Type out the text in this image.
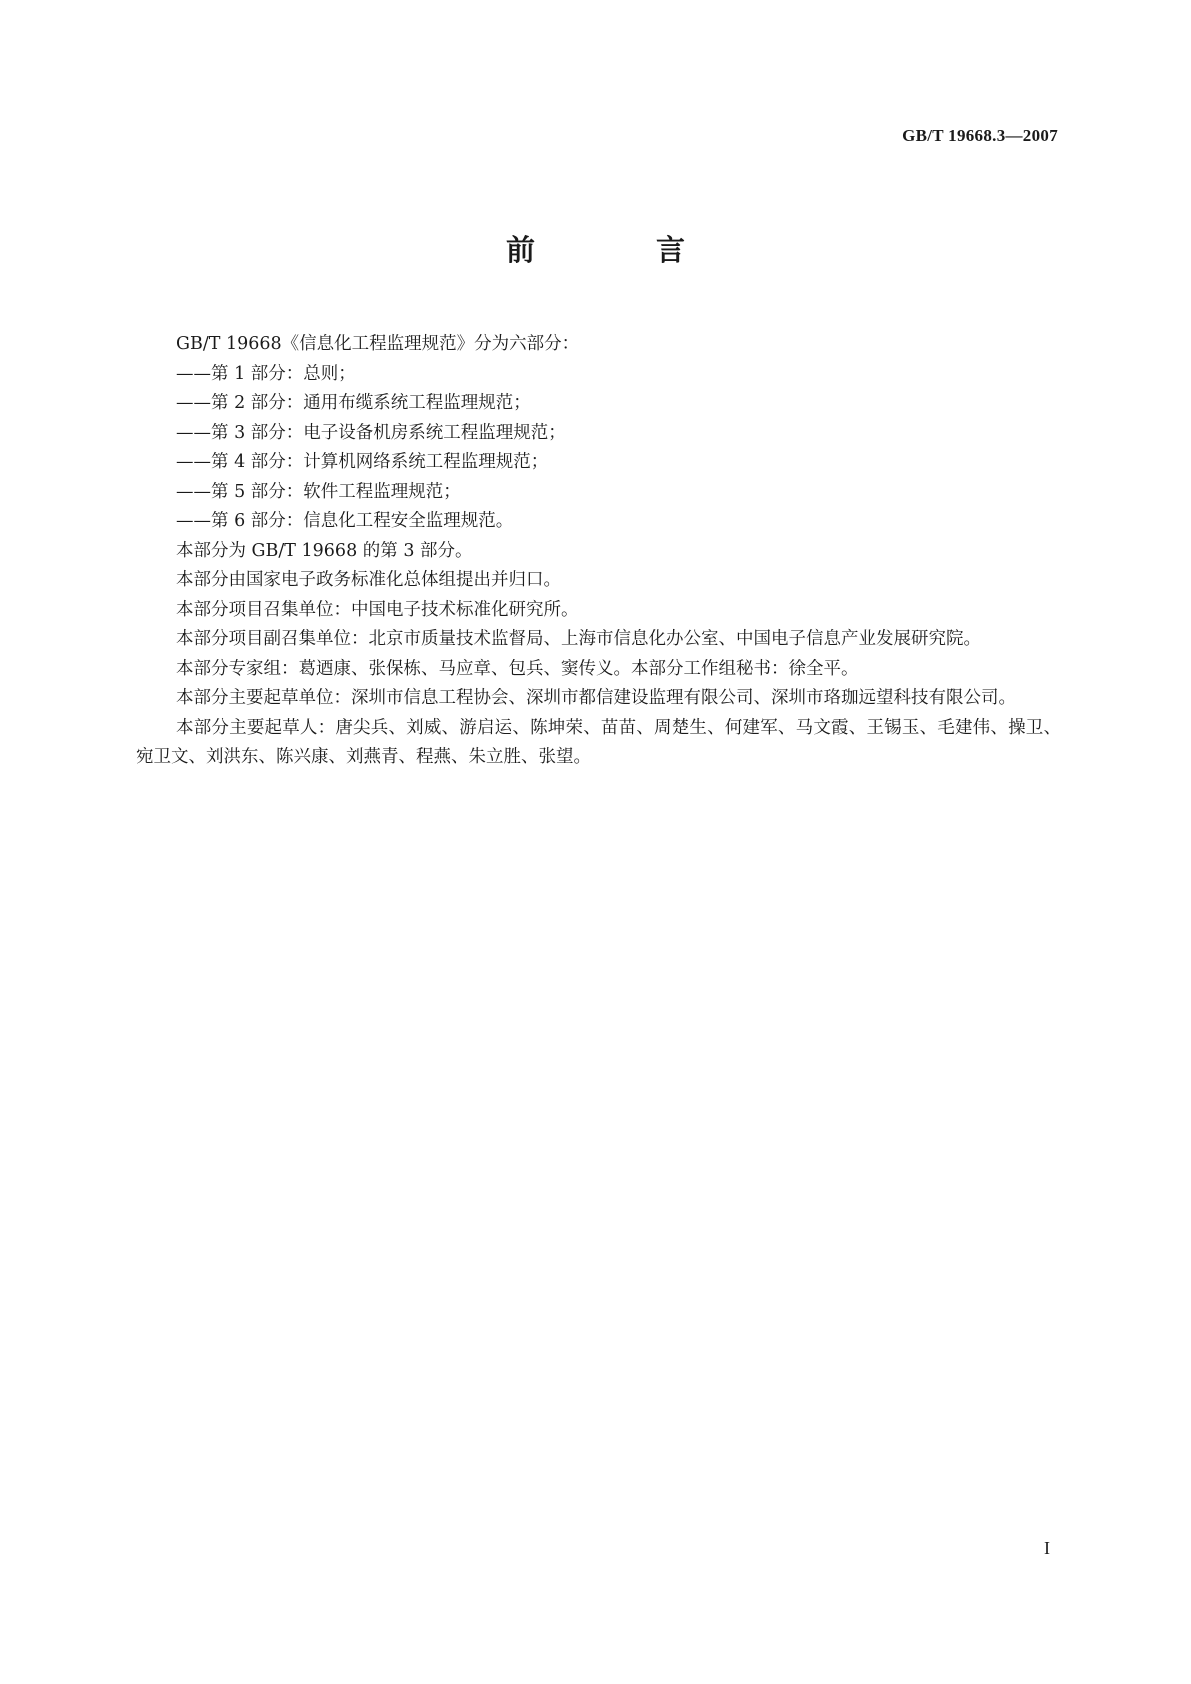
GB/T 19668.3—2007
前　言

GB/T 19668《信息化工程监理规范》分为六部分：

——第 1 部分：总则；

——第 2 部分：通用布缆系统工程监理规范；

——第 3 部分：电子设备机房系统工程监理规范；

——第 4 部分：计算机网络系统工程监理规范；

——第 5 部分：软件工程监理规范；

——第 6 部分：信息化工程安全监理规范。

本部分为 GB/T 19668 的第 3 部分。

本部分由国家电子政务标准化总体组提出并归口。

本部分项目召集单位：中国电子技术标准化研究所。

本部分项目副召集单位：北京市质量技术监督局、上海市信息化办公室、中国电子信息产业发展研究院。

本部分专家组：葛迺康、张保栋、马应章、包兵、窦传义。本部分工作组秘书：徐全平。

本部分主要起草单位：深圳市信息工程协会、深圳市都信建设监理有限公司、深圳市珞珈远望科技有限公司。

本部分主要起草人：唐尖兵、刘威、游启运、陈坤荣、苗苗、周楚生、何建军、马文霞、王锡玉、毛建伟、操卫、宛卫文、刘洪东、陈兴康、刘燕青、程燕、朱立胜、张望。

I
